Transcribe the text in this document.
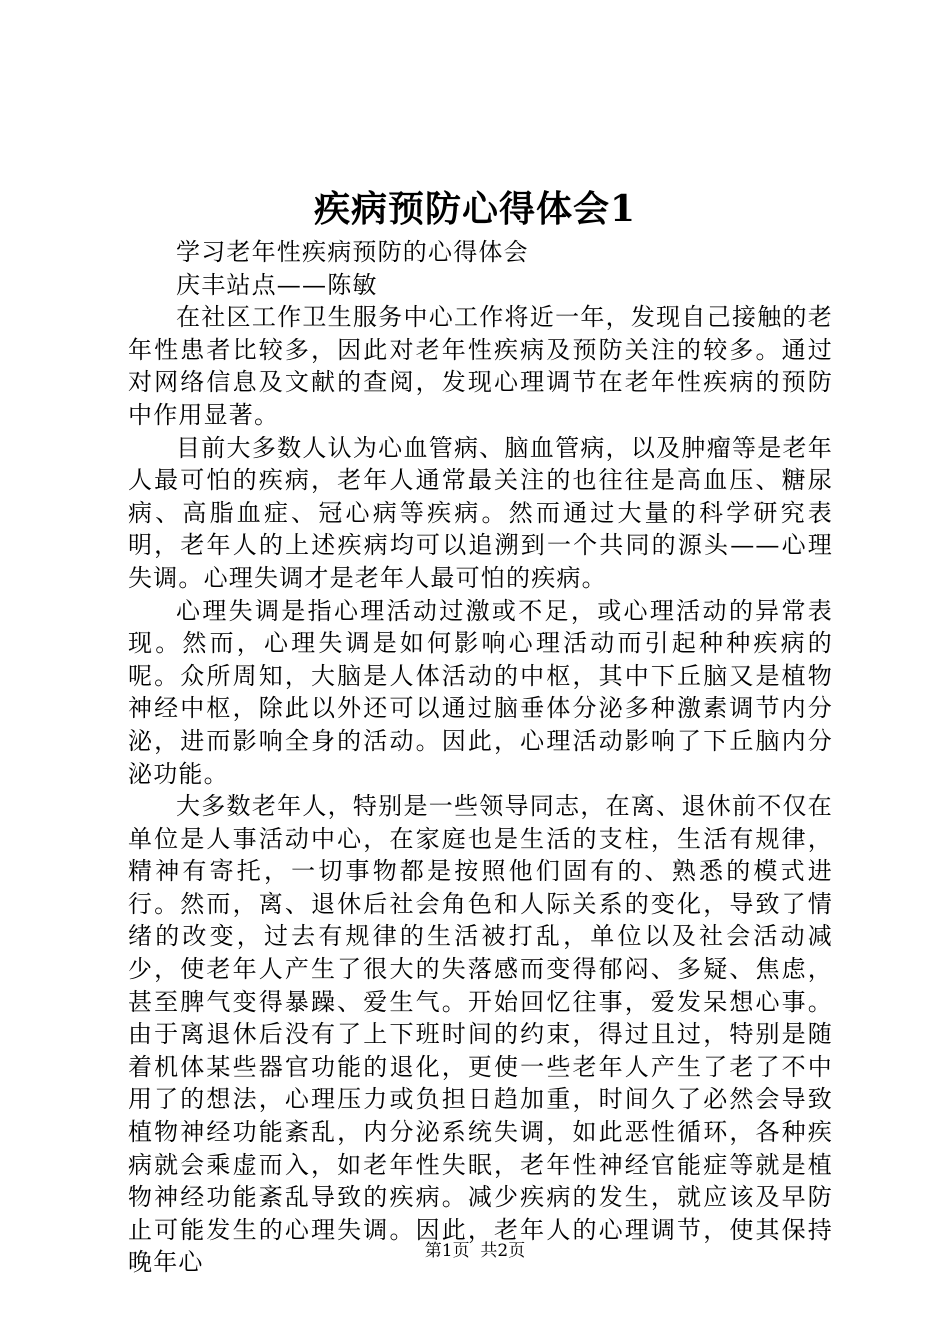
疾病预防心得体会1

学习老年性疾病预防的心得体会

庆丰站点——陈敏

在社区工作卫生服务中心工作将近一年，发现自己接触的老年性患者比较多，因此对老年性疾病及预防关注的较多。通过对网络信息及文献的查阅，发现心理调节在老年性疾病的预防中作用显著。

目前大多数人认为心血管病、脑血管病，以及肿瘤等是老年人最可怕的疾病，老年人通常最关注的也往往是高血压、糖尿病、高脂血症、冠心病等疾病。然而通过大量的科学研究表明，老年人的上述疾病均可以追溯到一个共同的源头——心理失调。心理失调才是老年人最可怕的疾病。

心理失调是指心理活动过激或不足，或心理活动的异常表现。然而，心理失调是如何影响心理活动而引起种种疾病的呢。众所周知，大脑是人体活动的中枢，其中下丘脑又是植物神经中枢，除此以外还可以通过脑垂体分泌多种激素调节内分泌，进而影响全身的活动。因此，心理活动影响了下丘脑内分泌功能。

大多数老年人，特别是一些领导同志，在离、退休前不仅在单位是人事活动中心，在家庭也是生活的支柱，生活有规律，精神有寄托，一切事物都是按照他们固有的、熟悉的模式进行。然而，离、退休后社会角色和人际关系的变化，导致了情绪的改变，过去有规律的生活被打乱，单位以及社会活动减少，使老年人产生了很大的失落感而变得郁闷、多疑、焦虑，甚至脾气变得暴躁、爱生气。开始回忆往事，爱发呆想心事。由于离退休后没有了上下班时间的约束，得过且过，特别是随着机体某些器官功能的退化，更使一些老年人产生了老了不中用了的想法，心理压力或负担日趋加重，时间久了必然会导致植物神经功能紊乱，内分泌系统失调，如此恶性循环，各种疾病就会乘虚而入，如老年性失眠，老年性神经官能症等就是植物神经功能紊乱导致的疾病。减少疾病的发生，就应该及早防止可能发生的心理失调。因此，老年人的心理调节，使其保持晚年心	第1页  共2页
